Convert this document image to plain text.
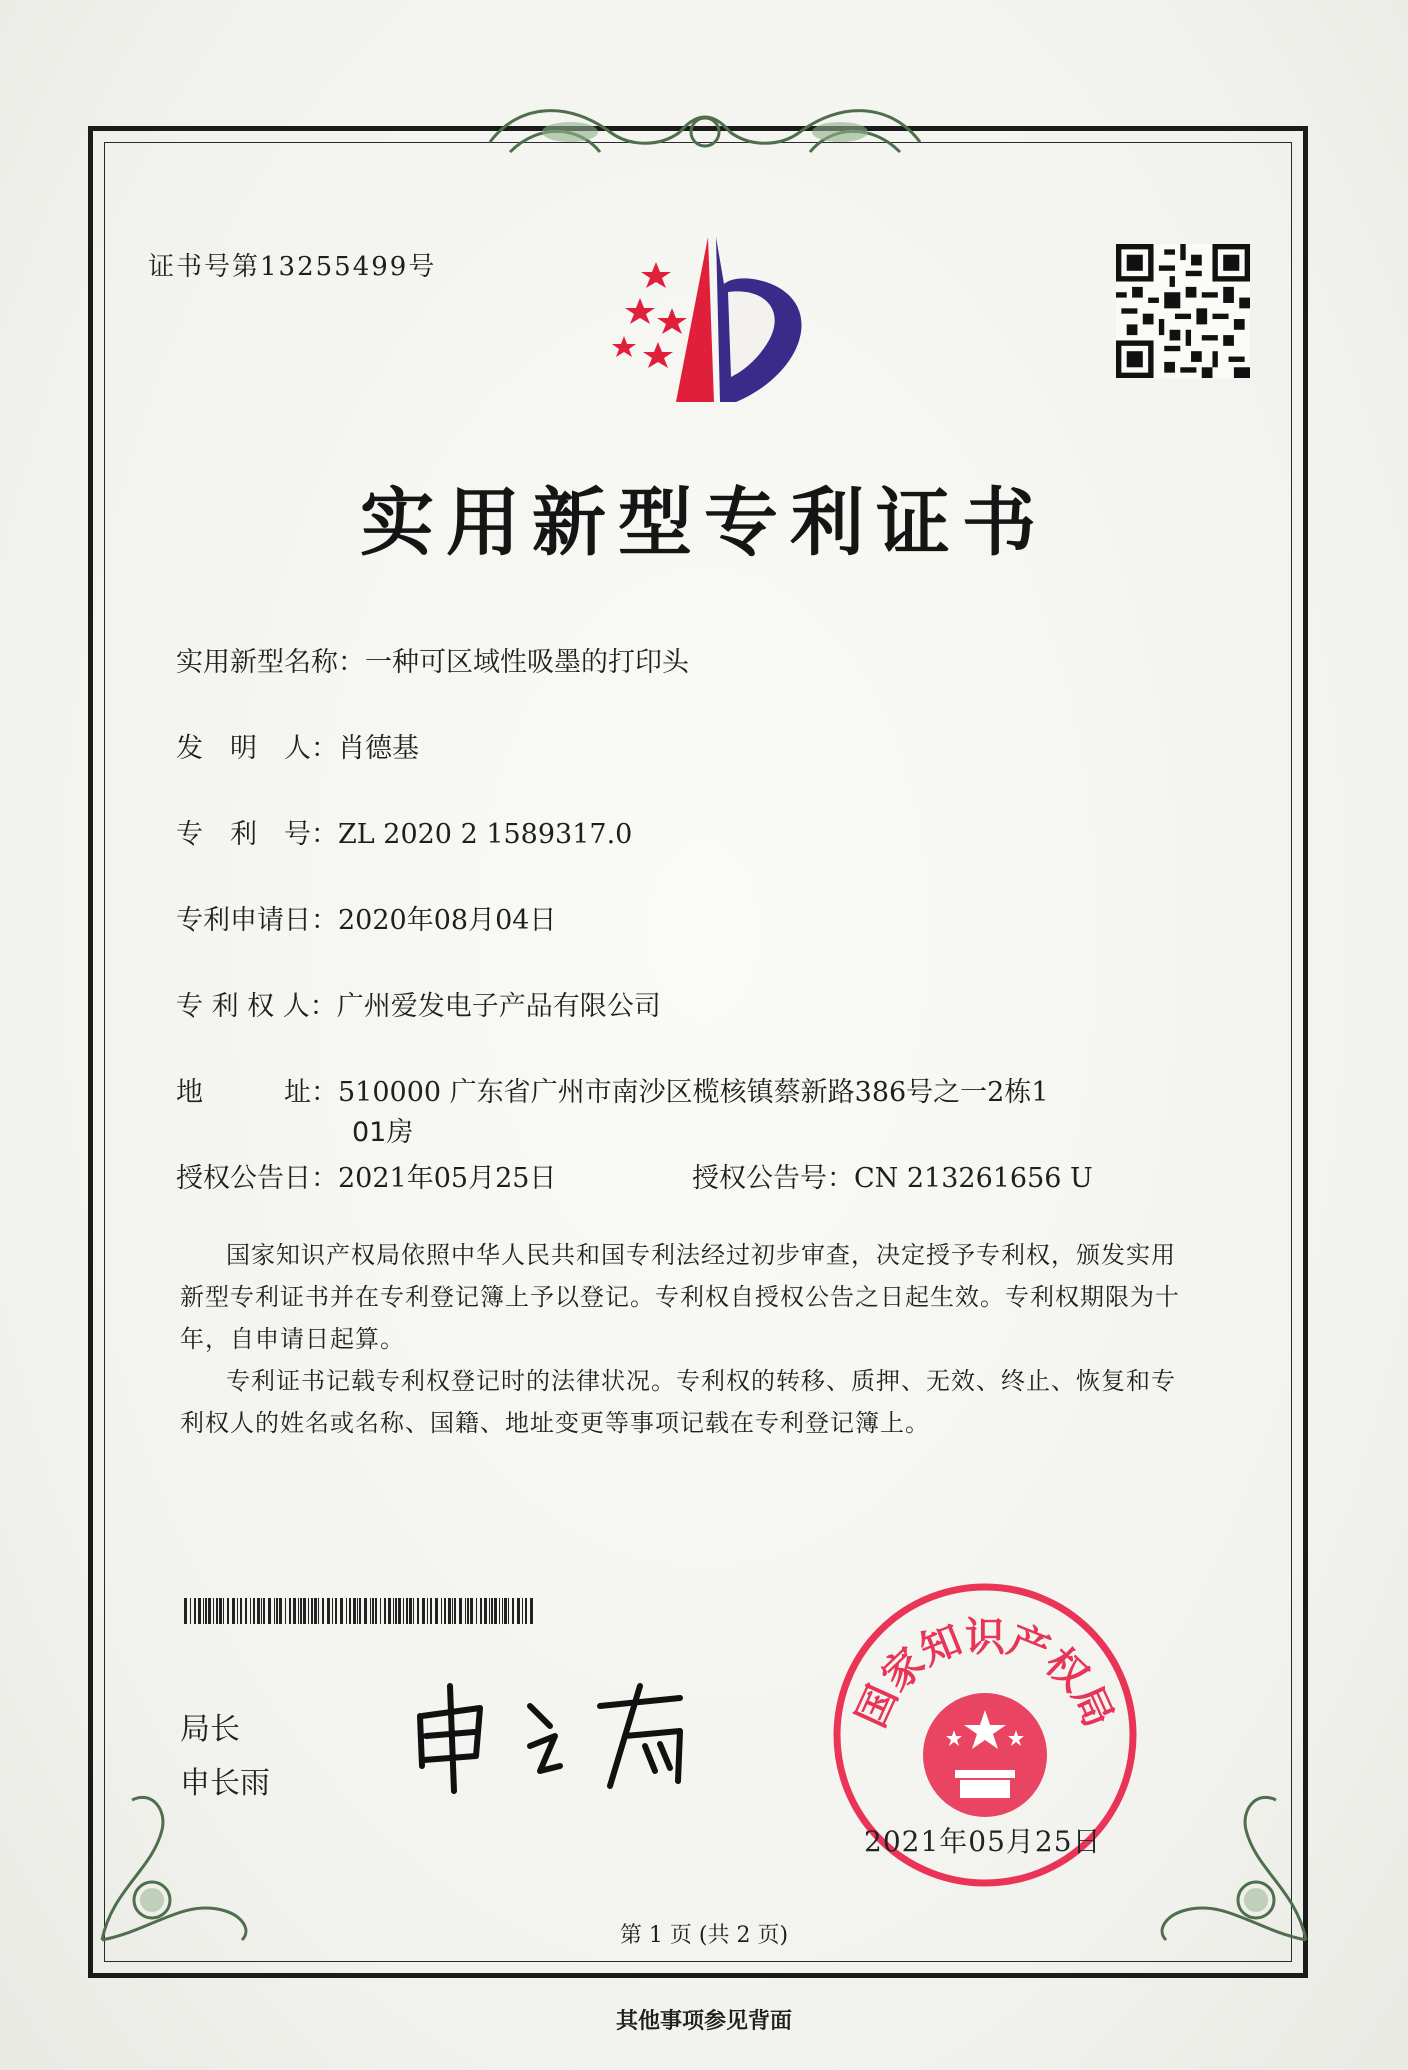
证书号第13255499号
实用新型专利证书
实用新型名称：一种可区域性吸墨的打印头
发　明　人：肖德基
专　利　号：ZL 2020 2 1589317.0
专利申请日：2020年08月04日
专 利 权 人：广州爱发电子产品有限公司
地　　　址：510000 广东省广州市南沙区榄核镇蔡新路386号之一2栋1
01房
授权公告日：2021年05月25日	授权公告号：CN 213261656 U
国家知识产权局依照中华人民共和国专利法经过初步审查，决定授予专利权，颁发实用
新型专利证书并在专利登记簿上予以登记。专利权自授权公告之日起生效。专利权期限为十
年，自申请日起算。
专利证书记载专利权登记时的法律状况。专利权的转移、质押、无效、终止、恢复和专
利权人的姓名或名称、国籍、地址变更等事项记载在专利登记簿上。
局长
申长雨
国家知识产权局
2021年05月25日
第 1 页 (共 2 页)
其他事项参见背面
